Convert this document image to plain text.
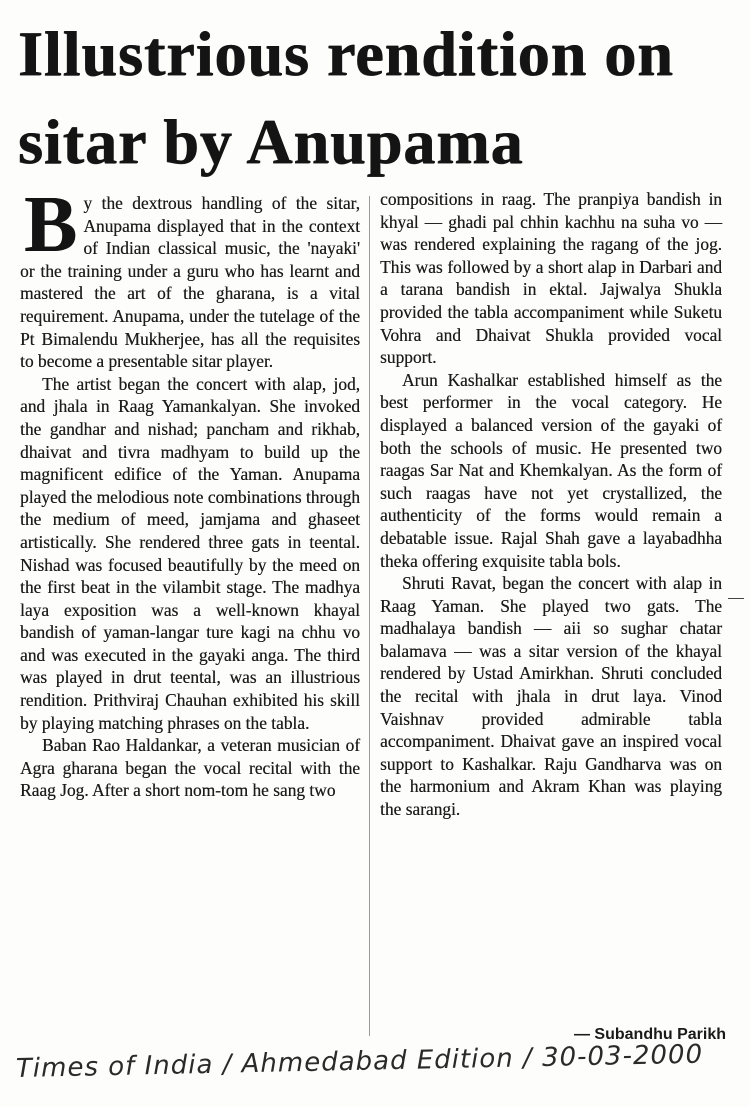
Illustrious rendition on sitar by Anupama

By the dextrous handling of the sitar, Anupama displayed that in the context of Indian classical music, the 'nayaki' or the training under a guru who has learnt and mastered the art of the gharana, is a vital requirement. Anupama, under the tutelage of the Pt Bimalendu Mukherjee, has all the requisites to become a presentable sitar player.

The artist began the concert with alap, jod, and jhala in Raag Yamankalyan. She invoked the gandhar and nishad; pancham and rikhab, dhaivat and tivra madhyam to build up the magnificent edifice of the Yaman. Anupama played the melodious note combinations through the medium of meed, jamjama and ghaseet artistically. She rendered three gats in teental. Nishad was focused beautifully by the meed on the first beat in the vilambit stage. The madhya laya exposition was a well-known khayal bandish of yaman-langar ture kagi na chhu vo and was executed in the gayaki anga. The third was played in drut teental, was an illustrious rendition. Prithviraj Chauhan exhibited his skill by playing matching phrases on the tabla.

Baban Rao Haldankar, a veteran musician of Agra gharana began the vocal recital with the Raag Jog. After a short nom-tom he sang two

compositions in raag. The pranpiya bandish in khyal — ghadi pal chhin kachhu na suha vo — was rendered explaining the ragang of the jog. This was followed by a short alap in Darbari and a tarana bandish in ektal. Jajwalya Shukla provided the tabla accompaniment while Suketu Vohra and Dhaivat Shukla provided vocal support.

Arun Kashalkar established himself as the best performer in the vocal category. He displayed a balanced version of the gayaki of both the schools of music. He presented two raagas Sar Nat and Khemkalyan. As the form of such raagas have not yet crystallized, the authenticity of the forms would remain a debatable issue. Rajal Shah gave a layabadhha theka offering exquisite tabla bols.

Shruti Ravat, began the concert with alap in Raag Yaman. She played two gats. The madhalaya bandish — aii so sughar chatar balamava — was a sitar version of the khayal rendered by Ustad Amirkhan. Shruti concluded the recital with jhala in drut laya. Vinod Vaishnav provided admirable tabla accompaniment. Dhaivat gave an inspired vocal support to Kashalkar. Raju Gandharva was on the harmonium and Akram Khan was playing the sarangi.

— Subandhu Parikh
Times of India / Ahmedabad Edition / 30-03-2000
